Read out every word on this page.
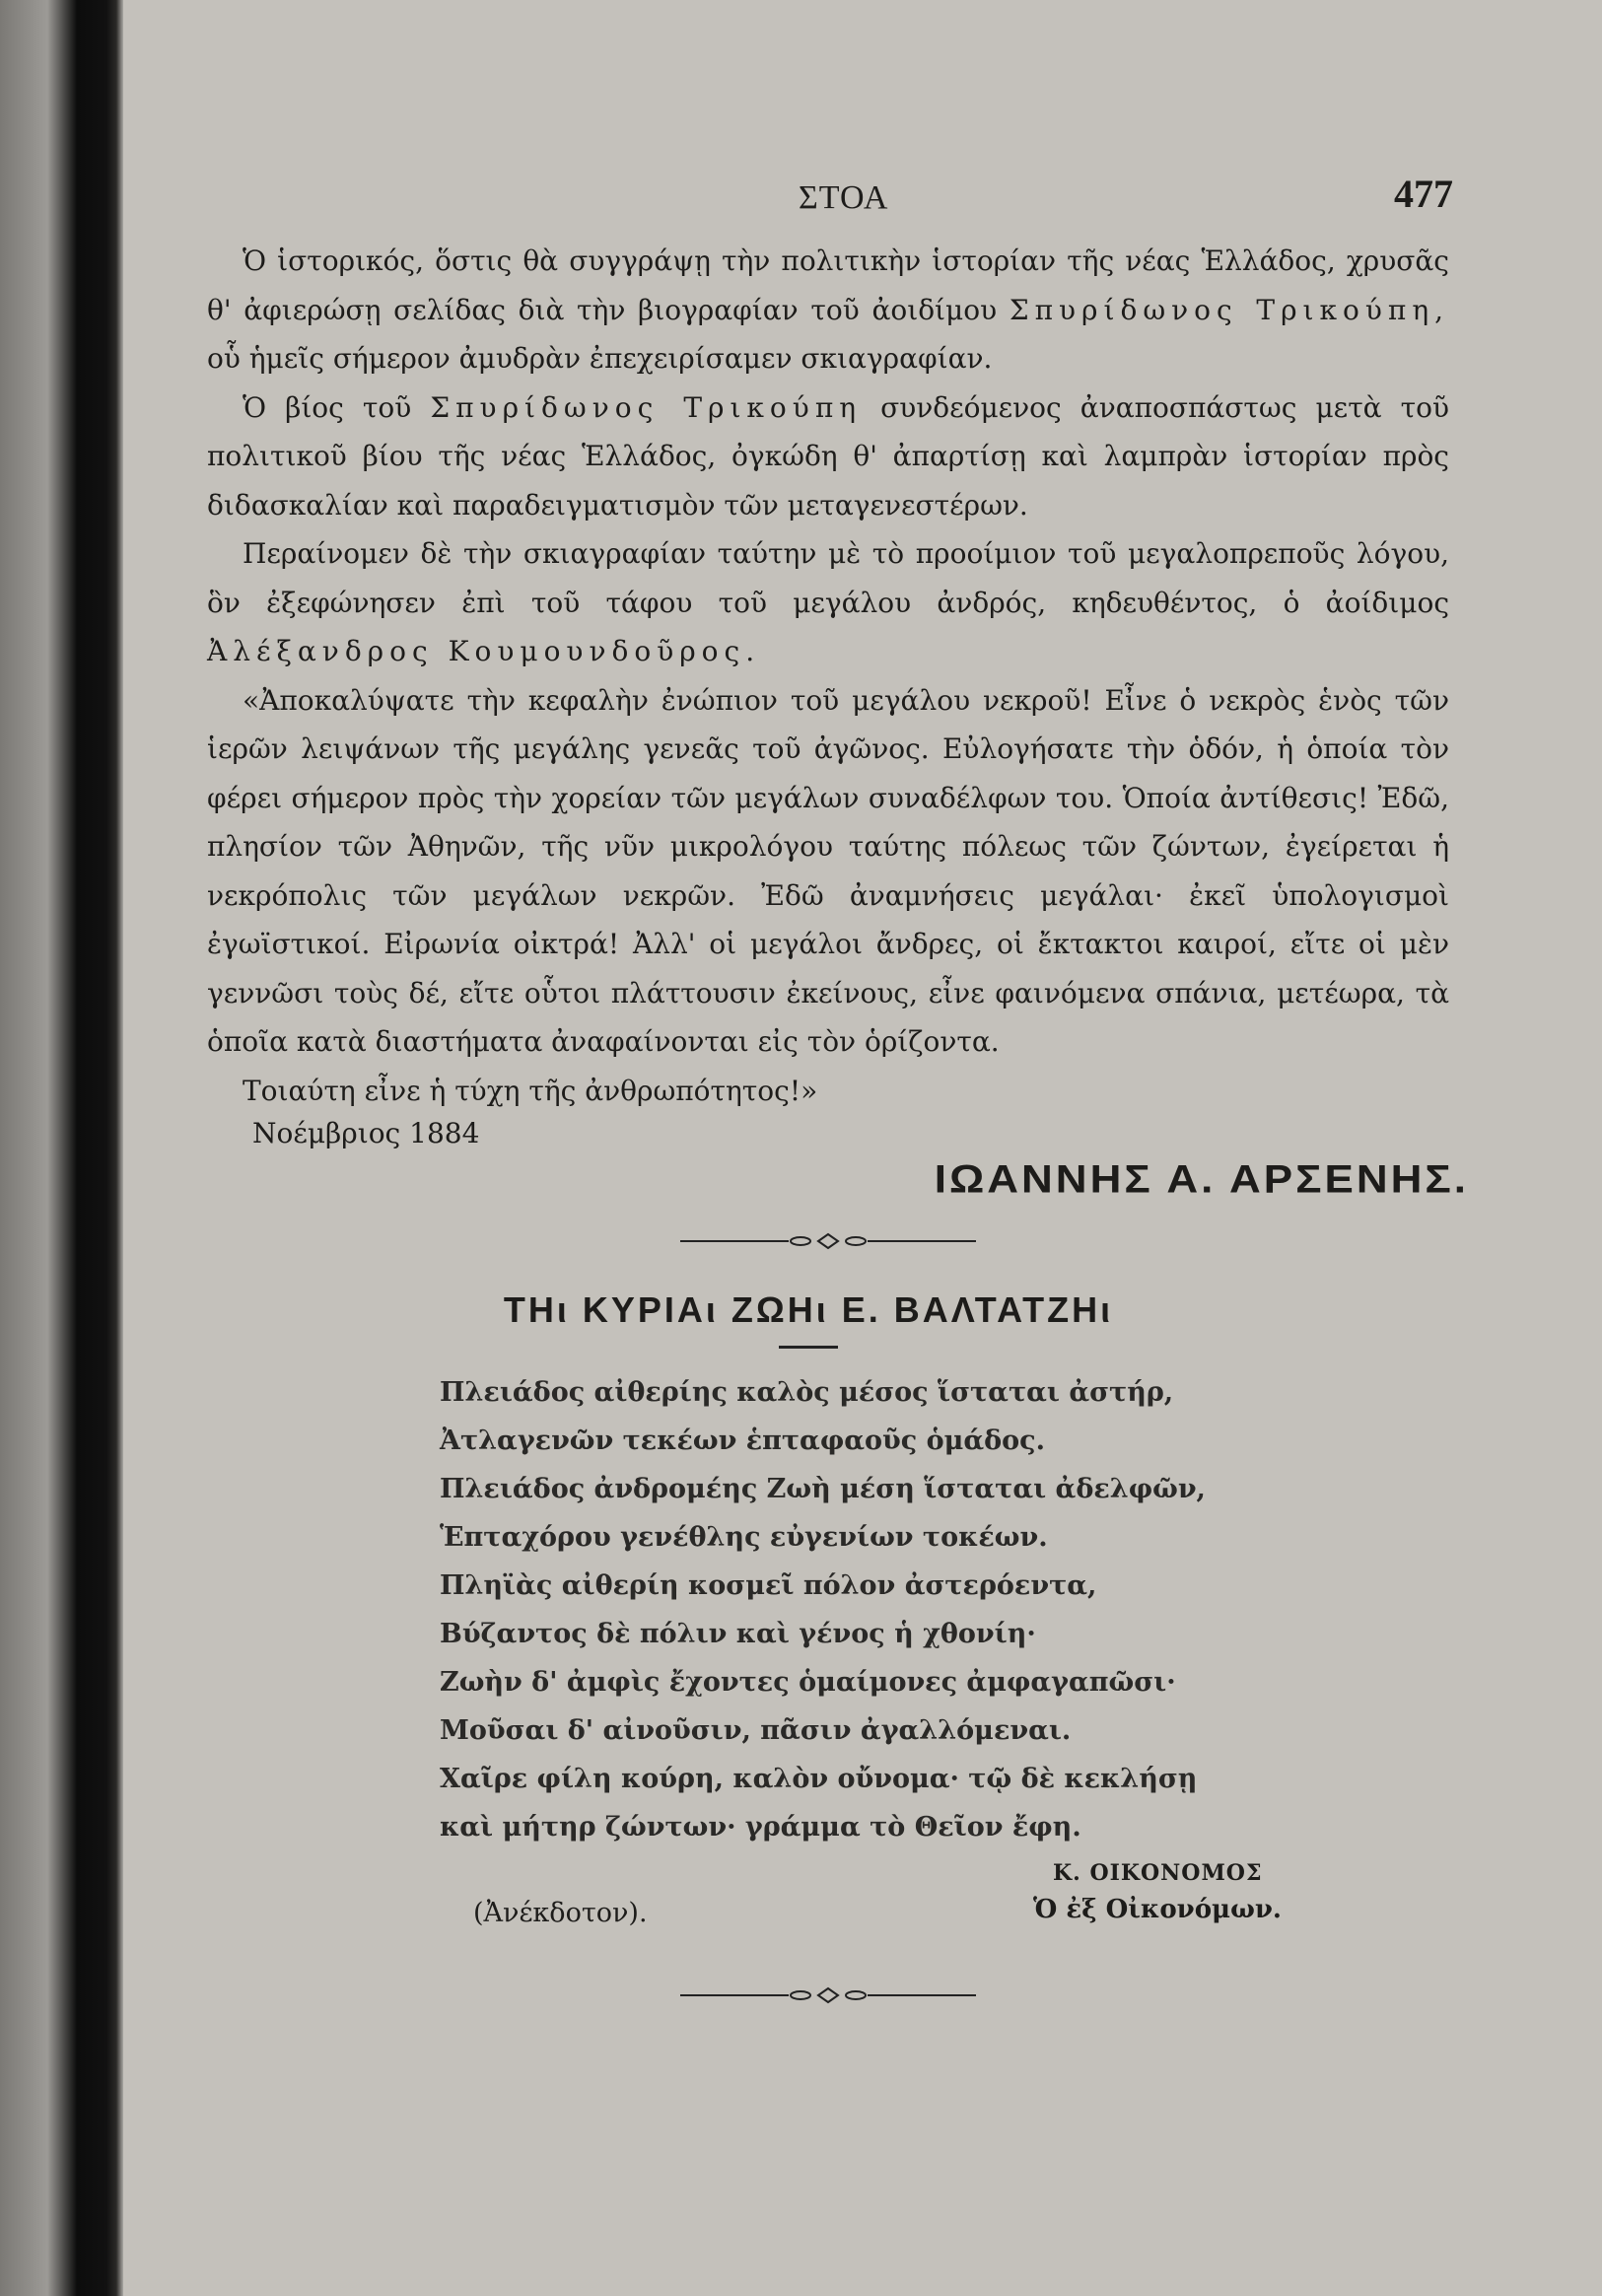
ΣΤΟΑ	477

Ὁ ἱστορικός, ὅστις θὰ συγγράψῃ τὴν πολιτικὴν ἱστορίαν τῆς νέας Ἑλλάδος, χρυσᾶς θ' ἀφιερώσῃ σελίδας διὰ τὴν βιογραφίαν τοῦ ἀοιδίμου Σπυρίδωνος Τρικούπη, οὗ ἡμεῖς σήμερον ἀμυδρὰν ἐπεχειρίσαμεν σκιαγραφίαν.

Ὁ βίος τοῦ Σπυρίδωνος Τρικούπη συνδεόμενος ἀναποσπάστως μετὰ τοῦ πολιτικοῦ βίου τῆς νέας Ἑλλάδος, ὀγκώδη θ' ἀπαρτίσῃ καὶ λαμπρὰν ἱστορίαν πρὸς διδασκαλίαν καὶ παραδειγματισμὸν τῶν μεταγενεστέρων.

Περαίνομεν δὲ τὴν σκιαγραφίαν ταύτην μὲ τὸ προοίμιον τοῦ μεγαλοπρεποῦς λόγου, ὃν ἐξεφώνησεν ἐπὶ τοῦ τάφου τοῦ μεγάλου ἀνδρός, κηδευθέντος, ὁ ἀοίδιμος Ἀλέξανδρος Κουμουνδοῦρος.

«Ἀποκαλύψατε τὴν κεφαλὴν ἐνώπιον τοῦ μεγάλου νεκροῦ! Εἶνε ὁ νεκρὸς ἑνὸς τῶν ἱερῶν λειψάνων τῆς μεγάλης γενεᾶς τοῦ ἀγῶνος. Εὐλογήσατε τὴν ὁδόν, ἡ ὁποία τὸν φέρει σήμερον πρὸς τὴν χορείαν τῶν μεγάλων συναδέλφων του. Ὁποία ἀντίθεσις! Ἐδῶ, πλησίον τῶν Ἀθηνῶν, τῆς νῦν μικρολόγου ταύτης πόλεως τῶν ζώντων, ἐγείρεται ἡ νεκρόπολις τῶν μεγάλων νεκρῶν. Ἐδῶ ἀναμνήσεις μεγάλαι· ἐκεῖ ὑπολογισμοὶ ἐγωϊστικοί. Εἰρωνία οἰκτρά! Ἀλλ' οἱ μεγάλοι ἄνδρες, οἱ ἔκτακτοι καιροί, εἴτε οἱ μὲν γεννῶσι τοὺς δέ, εἴτε οὗτοι πλάττουσιν ἐκείνους, εἶνε φαινόμενα σπάνια, μετέωρα, τὰ ὁποῖα κατὰ διαστήματα ἀναφαίνονται εἰς τὸν ὁρίζοντα.

Τοιαύτη εἶνε ἡ τύχη τῆς ἀνθρωπότητος!»

Νοέμβριος 1884
ΙΩΑΝΝΗΣ Α. ΑΡΣΕΝΗΣ.
ΤΗι ΚΥΡΙΑι ΖΩΗι Ε. ΒΑΛΤΑΤΖΗι
Πλειάδος αἰθερίης καλὸς μέσος ἵσταται ἀστήρ,
Ἀτλαγενῶν τεκέων ἑπταφαοῦς ὁμάδος.
Πλειάδος ἀνδρομέης Ζωὴ μέση ἵσταται ἀδελφῶν,
Ἑπταχόρου γενέθλης εὐγενίων τοκέων.
Πληϊὰς αἰθερίη κοσμεῖ πόλον ἀστερόεντα,
Βύζαντος δὲ πόλιν καὶ γένος ἡ χθονίη·
Ζωὴν δ' ἀμφὶς ἔχοντες ὁμαίμονες ἀμφαγαπῶσι·
Μοῦσαι δ' αἰνοῦσιν, πᾶσιν ἀγαλλόμεναι.
Χαῖρε φίλη κούρη, καλὸν οὔνομα· τῷ δὲ κεκλήσῃ
καὶ μήτηρ ζώντων· γράμμα τὸ Θεῖον ἔφη.
Κ. ΟΙΚΟΝΟΜΟΣ
Ὁ ἐξ Οἰκονόμων.
(Ἀνέκδοτον).
